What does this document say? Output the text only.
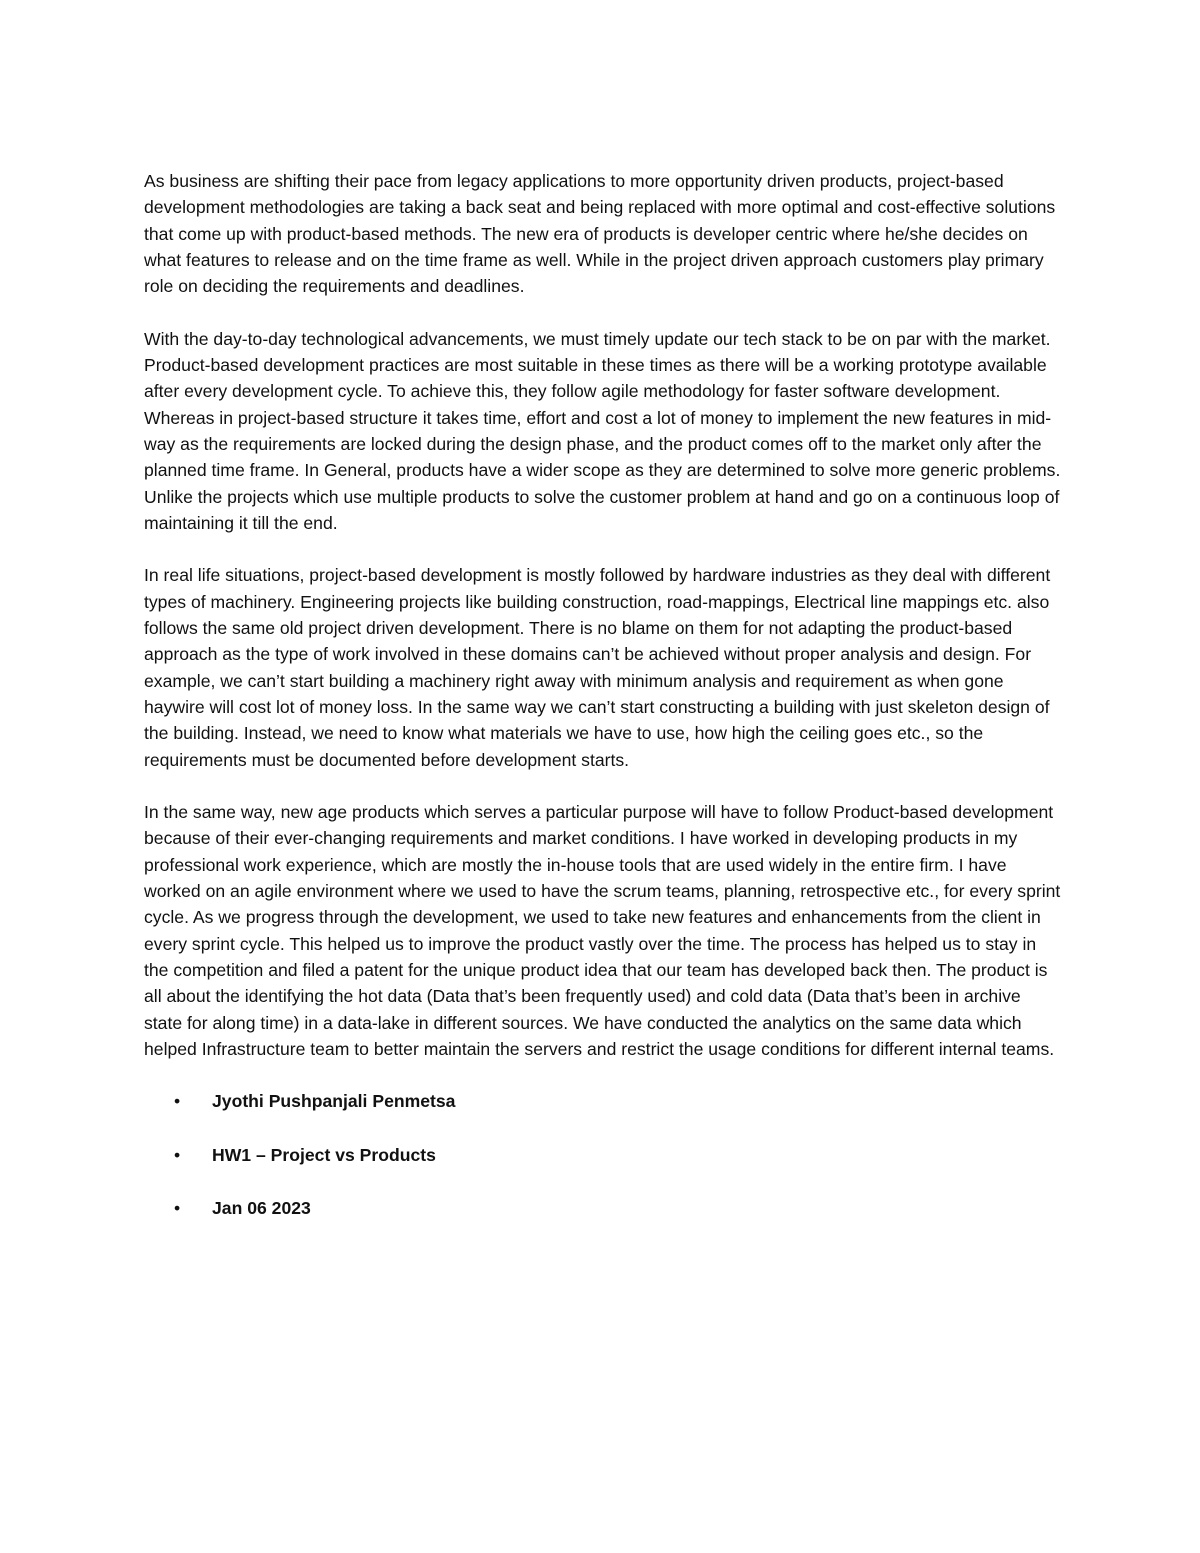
As business are shifting their pace from legacy applications to more opportunity driven products, project-based development methodologies are taking a back seat and being replaced with more optimal and cost-effective solutions that come up with product-based methods. The new era of products is developer centric where he/she decides on what features to release and on the time frame as well. While in the project driven approach customers play primary role on deciding the requirements and deadlines.

With the day-to-day technological advancements, we must timely update our tech stack to be on par with the market. Product-based development practices are most suitable in these times as there will be a working prototype available after every development cycle. To achieve this, they follow agile methodology for faster software development. Whereas in project-based structure it takes time, effort and cost a lot of money to implement the new features in mid-way as the requirements are locked during the design phase, and the product comes off to the market only after the planned time frame. In General, products have a wider scope as they are determined to solve more generic problems. Unlike the projects which use multiple products to solve the customer problem at hand and go on a continuous loop of maintaining it till the end.

In real life situations, project-based development is mostly followed by hardware industries as they deal with different types of machinery. Engineering projects like building construction, road-mappings, Electrical line mappings etc. also follows the same old project driven development. There is no blame on them for not adapting the product-based approach as the type of work involved in these domains can’t be achieved without proper analysis and design. For example, we can’t start building a machinery right away with minimum analysis and requirement as when gone haywire will cost lot of money loss. In the same way we can’t start constructing a building with just skeleton design of the building. Instead, we need to know what materials we have to use, how high the ceiling goes etc., so the requirements must be documented before development starts.

In the same way, new age products which serves a particular purpose will have to follow Product-based development because of their ever-changing requirements and market conditions. I have worked in developing products in my professional work experience, which are mostly the in-house tools that are used widely in the entire firm. I have worked on an agile environment where we used to have the scrum teams, planning, retrospective etc., for every sprint cycle. As we progress through the development, we used to take new features and enhancements from the client in every sprint cycle. This helped us to improve the product vastly over the time. The process has helped us to stay in the competition and filed a patent for the unique product idea that our team has developed back then. The product is all about the identifying the hot data (Data that’s been frequently used) and cold data (Data that’s been in archive state for along time) in a data-lake in different sources. We have conducted the analytics on the same data which helped Infrastructure team to better maintain the servers and restrict the usage conditions for different internal teams.

• Jyothi Pushpanjali Penmetsa
• HW1 – Project vs Products
• Jan 06 2023
